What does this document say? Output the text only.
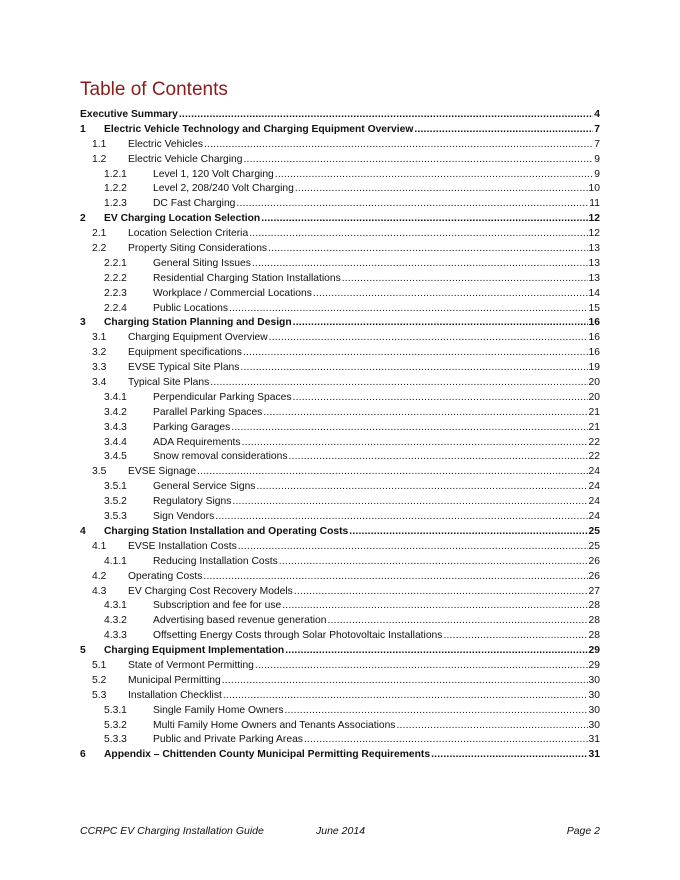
Table of Contents
Executive Summary .....	4
1 Electric Vehicle Technology and Charging Equipment Overview .....	7
1.1 Electric Vehicles .....	7
1.2 Electric Vehicle Charging .....	9
1.2.1	Level 1, 120 Volt Charging .....	9
1.2.2	Level 2, 208/240 Volt Charging .....	10
1.2.3	DC Fast Charging .....	11
2 EV Charging Location Selection .....	12
2.1 Location Selection Criteria .....	12
2.2 Property Siting Considerations .....	13
2.2.1	General Siting Issues .....	13
2.2.2	Residential Charging Station Installations .....	13
2.2.3	Workplace / Commercial Locations .....	14
2.2.4	Public Locations .....	15
3 Charging Station Planning and Design .....	16
3.1 Charging Equipment Overview .....	16
3.2 Equipment specifications .....	16
3.3 EVSE Typical Site Plans .....	19
3.4 Typical Site Plans .....	20
3.4.1	Perpendicular Parking Spaces .....	20
3.4.2	Parallel Parking Spaces .....	21
3.4.3	Parking Garages .....	21
3.4.4	ADA Requirements .....	22
3.4.5	Snow removal considerations .....	22
3.5 EVSE Signage .....	24
3.5.1	General Service Signs .....	24
3.5.2	Regulatory Signs .....	24
3.5.3	Sign Vendors .....	24
4 Charging Station Installation and Operating Costs .....	25
4.1 EVSE Installation Costs .....	25
4.1.1	Reducing Installation Costs .....	26
4.2 Operating Costs .....	26
4.3 EV Charging Cost Recovery Models .....	27
4.3.1	Subscription and fee for use .....	28
4.3.2	Advertising based revenue generation .....	28
4.3.3	Offsetting Energy Costs through Solar Photovoltaic Installations .....	28
5 Charging Equipment Implementation .....	29
5.1 State of Vermont Permitting .....	29
5.2 Municipal Permitting .....	30
5.3 Installation Checklist .....	30
5.3.1	Single Family Home Owners .....	30
5.3.2	Multi Family Home Owners and Tenants Associations .....	30
5.3.3	Public and Private Parking Areas .....	31
6 Appendix – Chittenden County Municipal Permitting Requirements .....	31
CCRPC EV Charging Installation Guide	June 2014	Page 2
